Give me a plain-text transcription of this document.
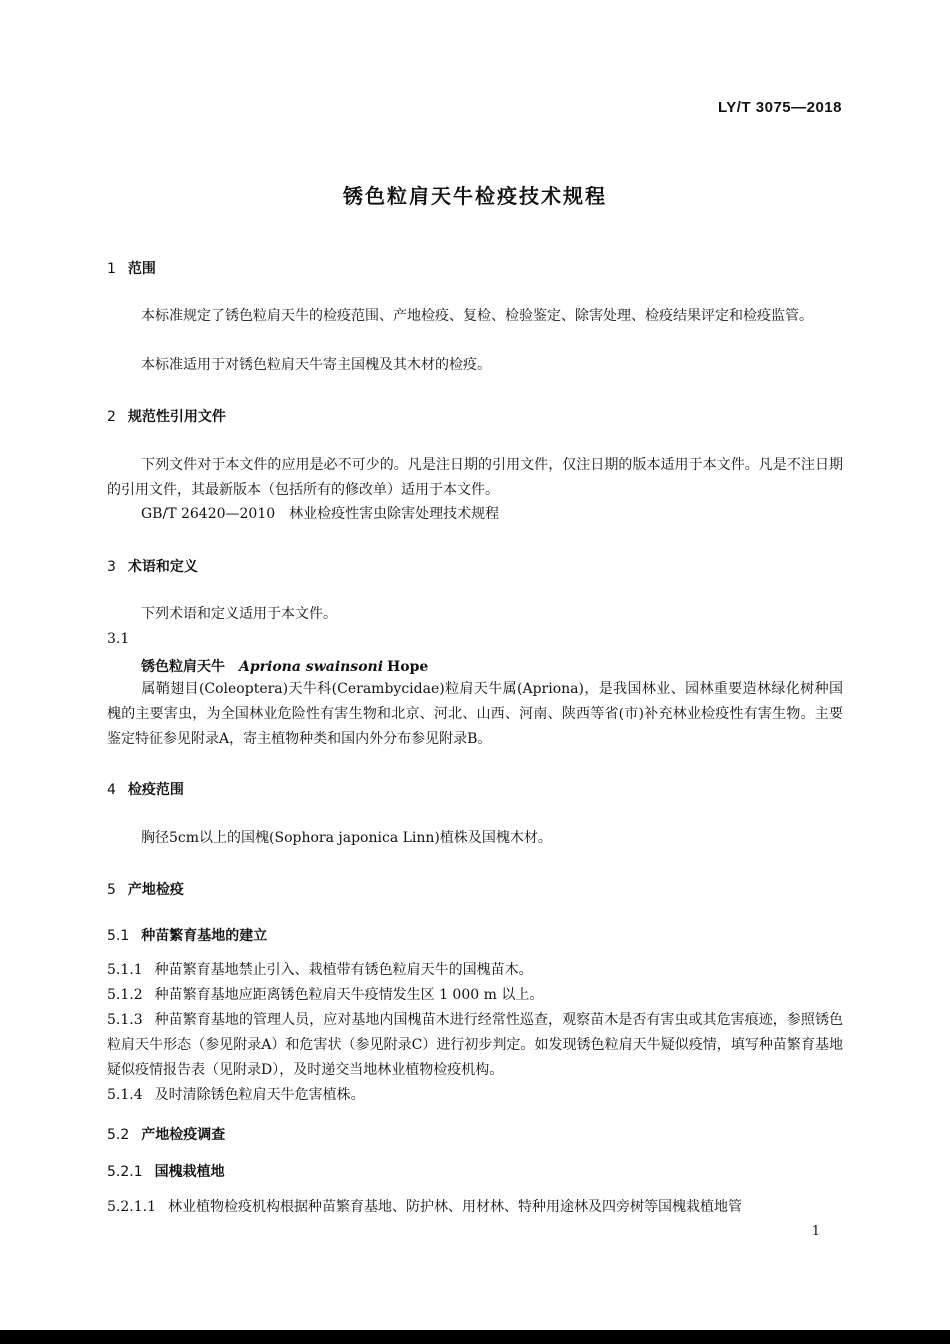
LY/T 3075—2018
锈色粒肩天牛检疫技术规程
1 范围
本标准规定了锈色粒肩天牛的检疫范围、产地检疫、复检、检验鉴定、除害处理、检疫结果评定和检疫监管。
本标准适用于对锈色粒肩天牛寄主国槐及其木材的检疫。
2 规范性引用文件
下列文件对于本文件的应用是必不可少的。凡是注日期的引用文件，仅注日期的版本适用于本文件。凡是不注日期的引用文件，其最新版本（包括所有的修改单）适用于本文件。
GB/T 26420—2010　林业检疫性害虫除害处理技术规程
3 术语和定义
下列术语和定义适用于本文件。
3.1
锈色粒肩天牛 Apriona swainsoni Hope
属鞘翅目(Coleoptera)天牛科(Cerambycidae)粒肩天牛属(Apriona)，是我国林业、园林重要造林绿化树种国槐的主要害虫，为全国林业危险性有害生物和北京、河北、山西、河南、陕西等省(市)补充林业检疫性有害生物。主要鉴定特征参见附录A，寄主植物种类和国内外分布参见附录B。
4 检疫范围
胸径5cm以上的国槐(Sophora japonica Linn)植株及国槐木材。
5 产地检疫
5.1 种苗繁育基地的建立
5.1.1 种苗繁育基地禁止引入、栽植带有锈色粒肩天牛的国槐苗木。
5.1.2 种苗繁育基地应距离锈色粒肩天牛疫情发生区 1 000 m 以上。
5.1.3 种苗繁育基地的管理人员，应对基地内国槐苗木进行经常性巡查，观察苗木是否有害虫或其危害痕迹，参照锈色粒肩天牛形态（参见附录A）和危害状（参见附录C）进行初步判定。如发现锈色粒肩天牛疑似疫情，填写种苗繁育基地疑似疫情报告表（见附录D），及时递交当地林业植物检疫机构。
5.1.4 及时清除锈色粒肩天牛危害植株。
5.2 产地检疫调查
5.2.1 国槐栽植地
5.2.1.1 林业植物检疫机构根据种苗繁育基地、防护林、用材林、特种用途林及四旁树等国槐栽植地管
1
